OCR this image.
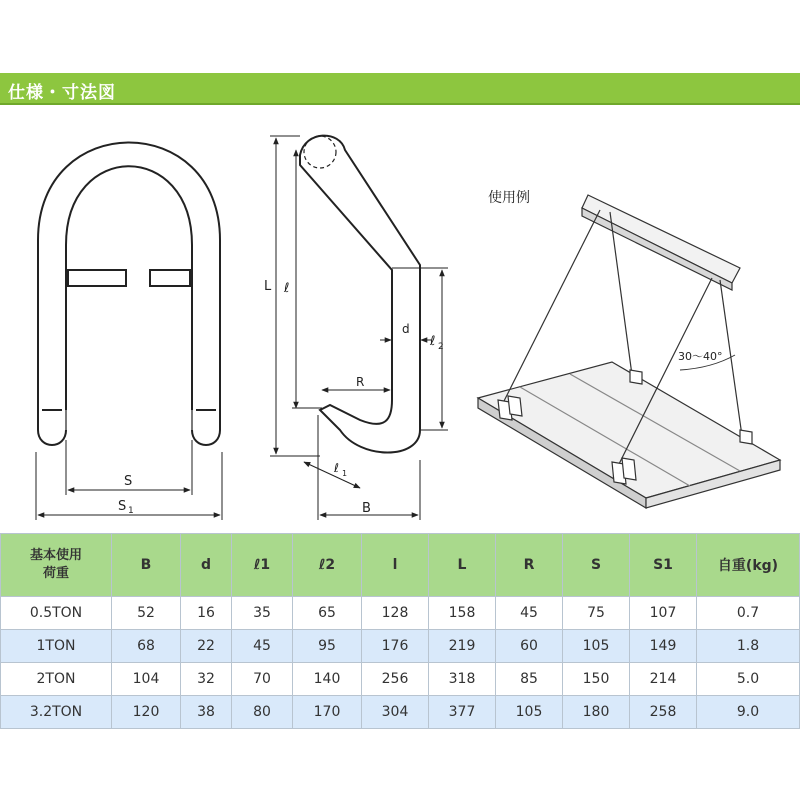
仕様・寸法図
S
S 1
L ℓ
ℓ 2
d
R
ℓ 1
B
使用例
30～40°
基本使用
荷重	B	d	ℓ1	ℓ2	l	L	R	S	S1	自重(kg)
0.5TON	52	16	35	65	128	158	45	75	107	0.7
1TON	68	22	45	95	176	219	60	105	149	1.8
2TON	104	32	70	140	256	318	85	150	214	5.0
3.2TON	120	38	80	170	304	377	105	180	258	9.0
